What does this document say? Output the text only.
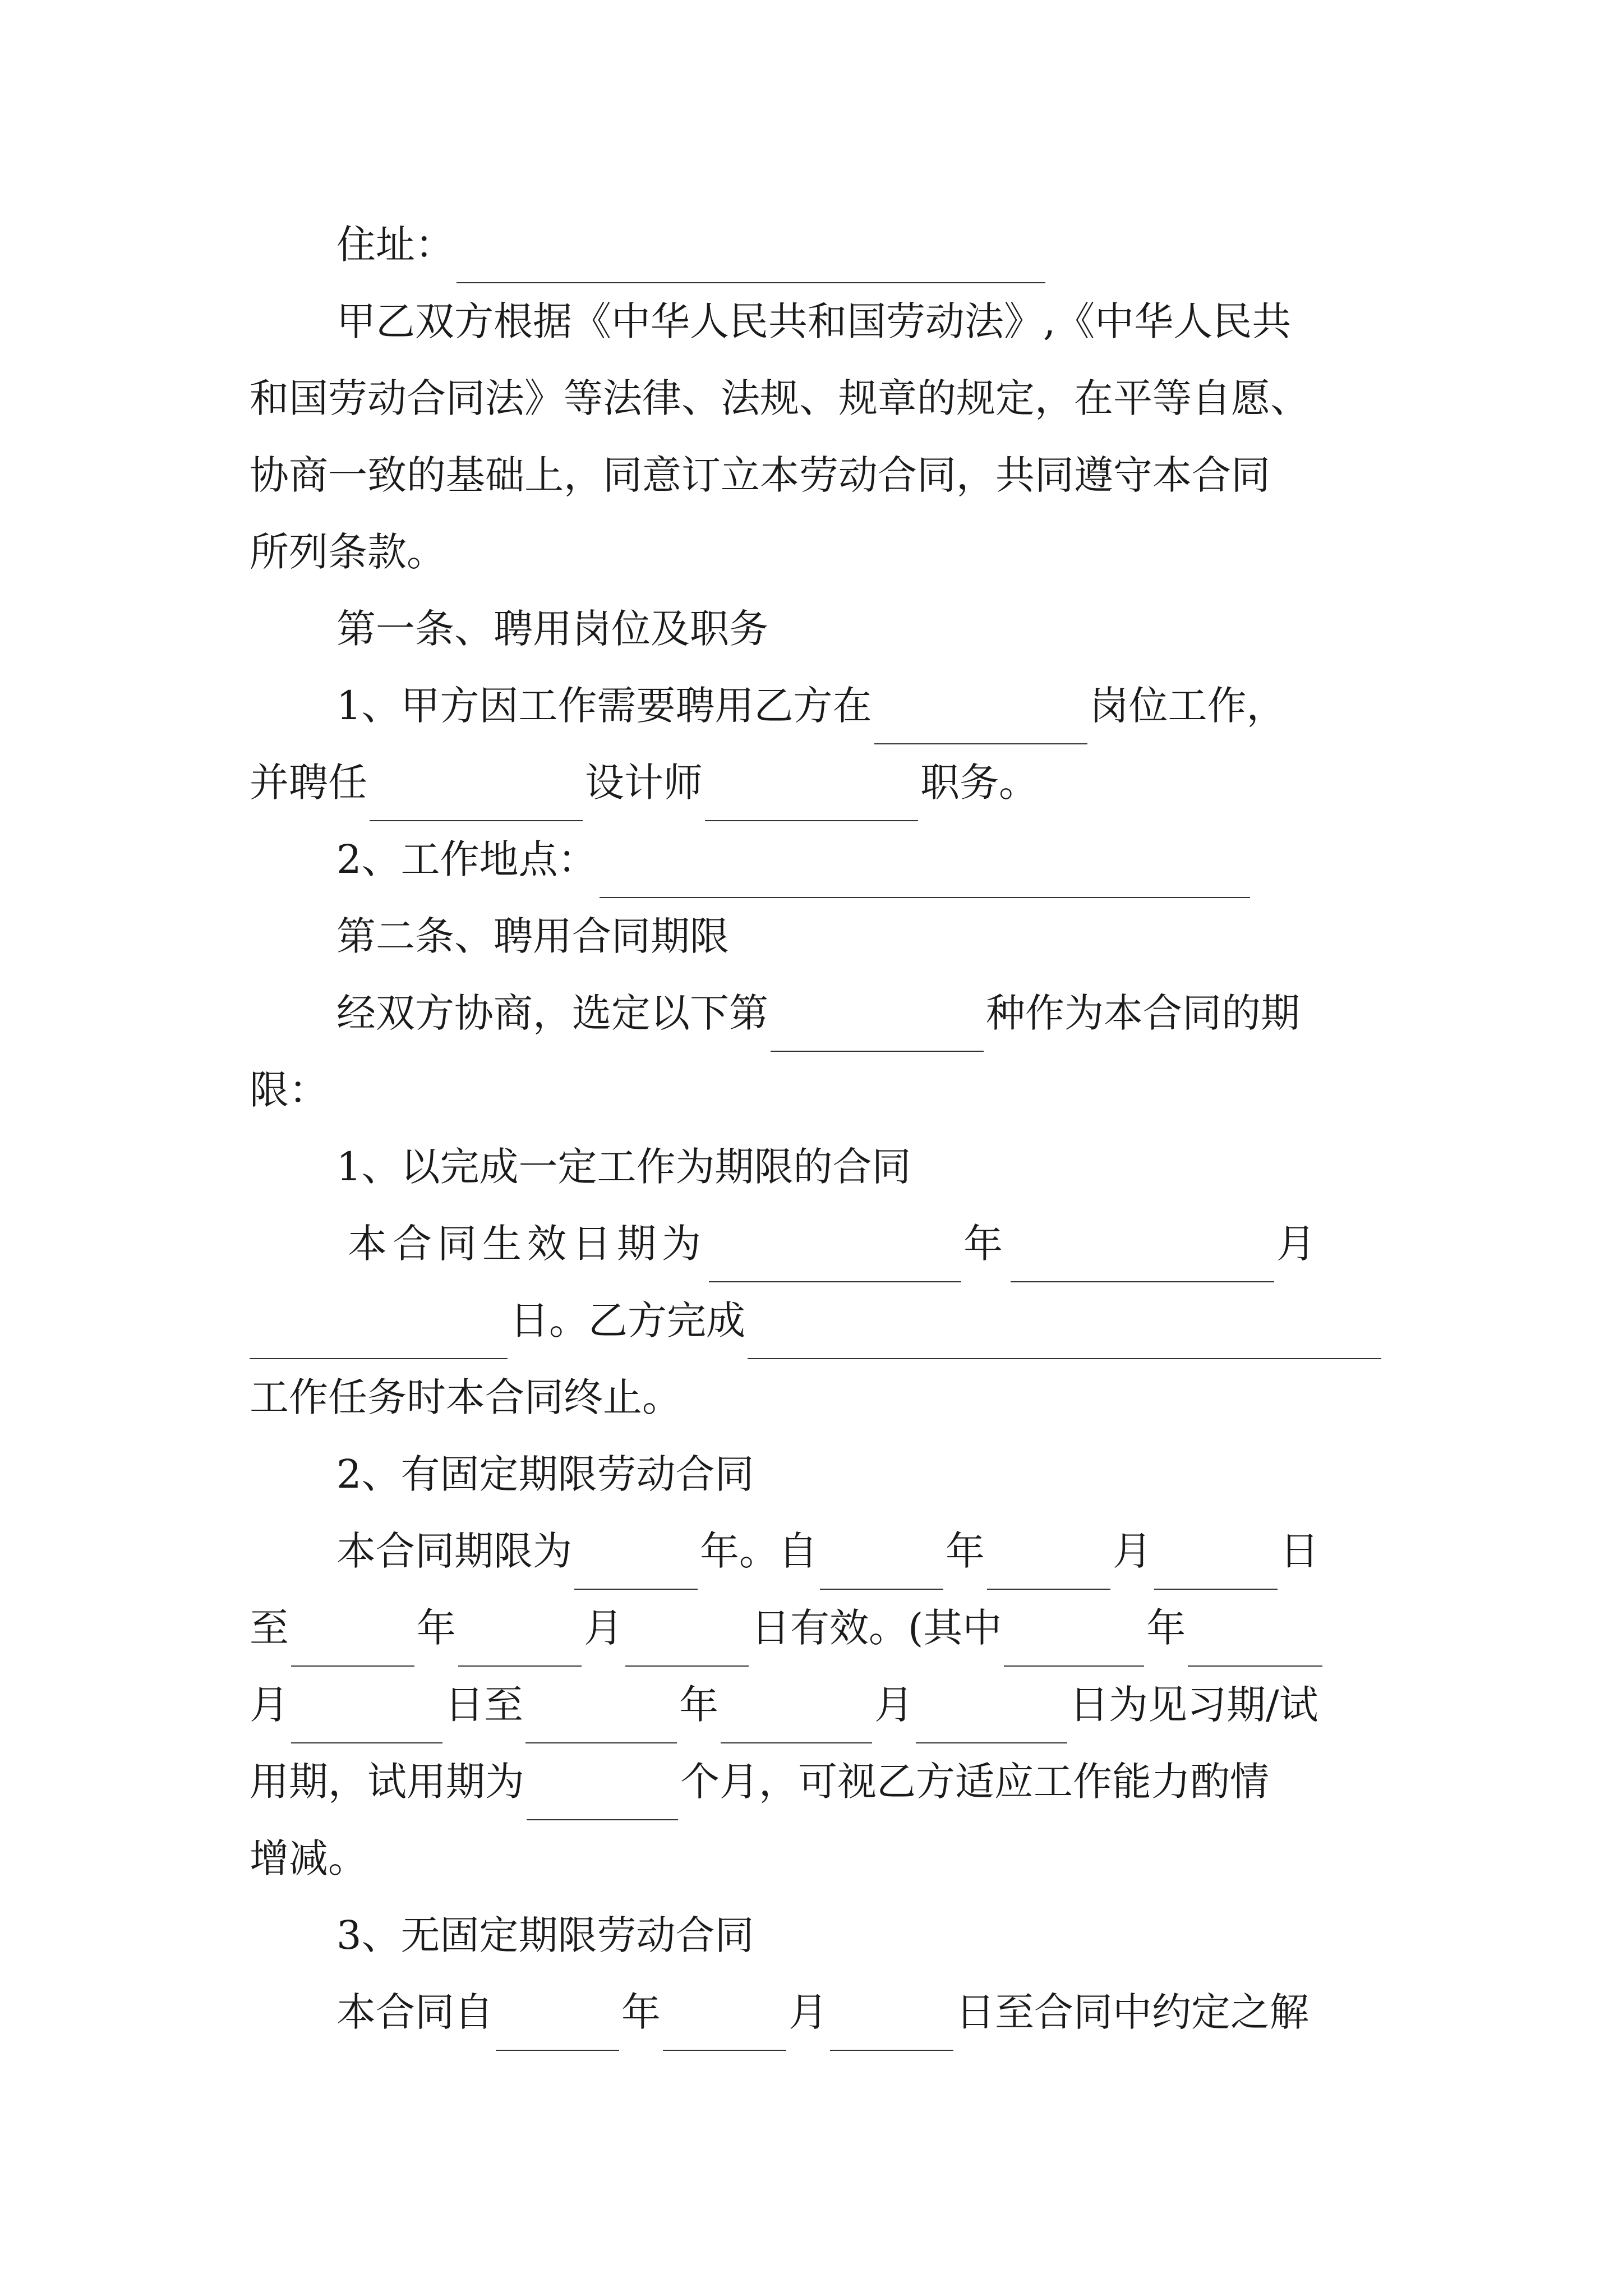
住址：
甲乙双方根据《中华人民共和国劳动法》,《中华人民共
和国劳动合同法》等法律、法规、规章的规定，在平等自愿、
协商一致的基础上，同意订立本劳动合同，共同遵守本合同
所列条款。
第一条、聘用岗位及职务
1、甲方因工作需要聘用乙方在	岗位工作，
并聘任	设计师	职务。
2、工作地点：
第二条、聘用合同期限
经双方协商，选定以下第	种作为本合同的期
限：
1、以完成一定工作为期限的合同
本合同生效日期为	年	月
日。乙方完成
工作任务时本合同终止。
2、有固定期限劳动合同
本合同期限为	年。自	年	月	日
至	年	月	日有效。(其中	年
月	日至	年	月	日为见习期/试
用期，试用期为	个月，可视乙方适应工作能力酌情
增减。
3、无固定期限劳动合同
本合同自	年	月	日至合同中约定之解
